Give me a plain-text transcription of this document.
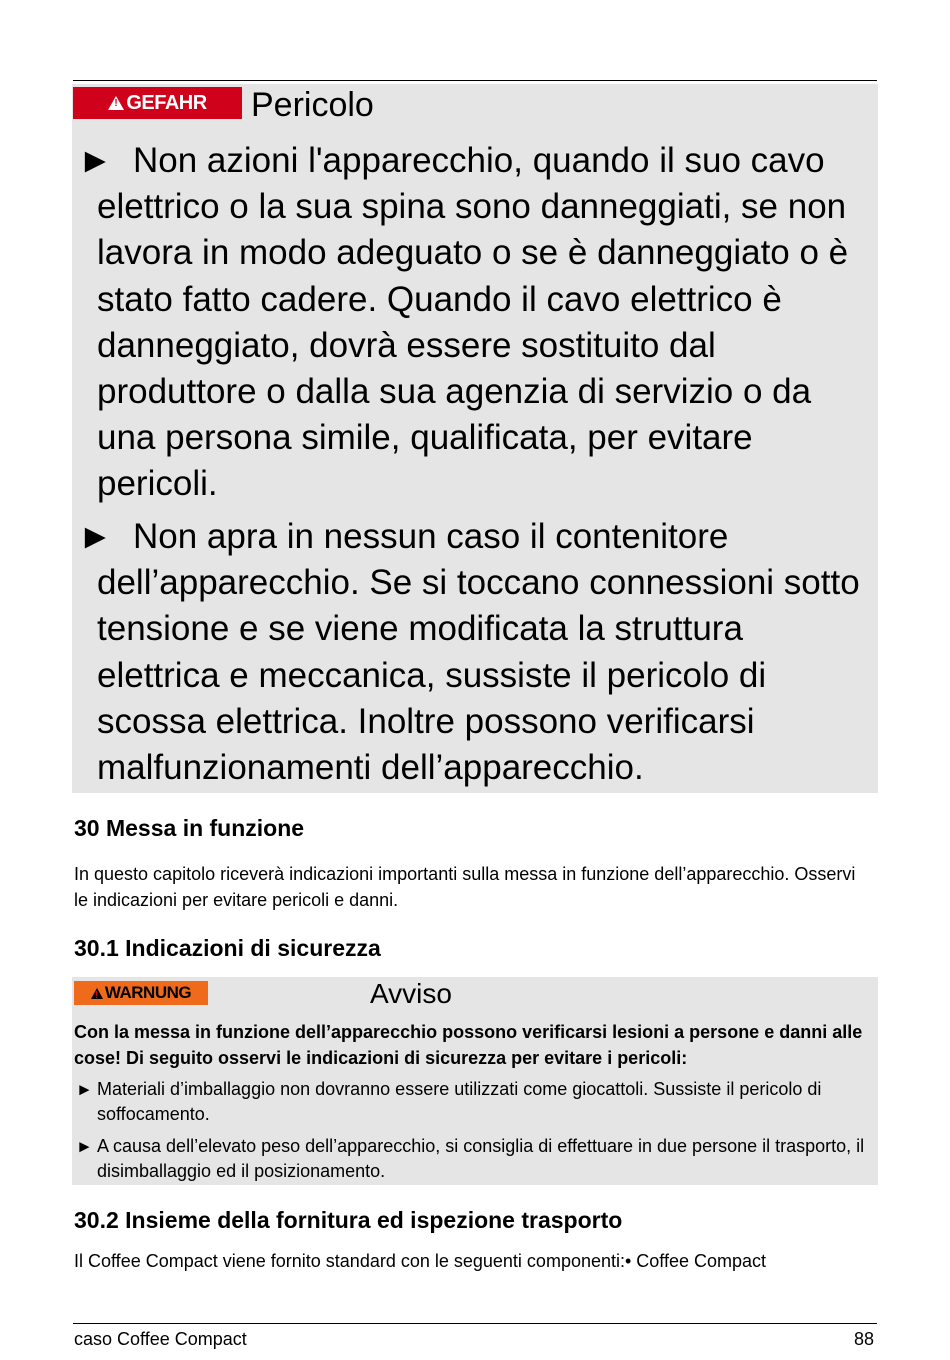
!
GEFAHR Pericolo
► Non azioni l'apparecchio, quando il suo cavo elettrico o la sua spina sono danneggiati, se non lavora in modo adeguato o se è danneggiato o è stato fatto cadere. Quando il cavo elettrico è danneggiato, dovrà essere sostituito dal produttore o dalla sua agenzia di servizio o da una persona simile, qualificata, per evitare pericoli.
► Non apra in nessun caso il contenitore dell’apparecchio. Se si toccano connessioni sotto tensione e se viene modificata la struttura elettrica e meccanica, sussiste il pericolo di scossa elettrica. Inoltre possono verificarsi malfunzionamenti dell’apparecchio.
30 Messa in funzione
In questo capitolo riceverà indicazioni importanti sulla messa in funzione dell’apparecchio. Osservi le indicazioni per evitare pericoli e danni.
30.1 Indicazioni di sicurezza
!
WARNUNG	Avviso
Con la messa in funzione dell’apparecchio possono verificarsi lesioni a persone e danni alle cose! Di seguito osservi le indicazioni di sicurezza per evitare i pericoli:
► Materiali d’imballaggio non dovranno essere utilizzati come giocattoli. Sussiste il pericolo di soffocamento.
► A causa dell’elevato peso dell’apparecchio, si consiglia di effettuare in due persone il trasporto, il disimballaggio ed il posizionamento.
30.2 Insieme della fornitura ed ispezione trasporto
Il Coffee Compact viene fornito standard con le seguenti componenti:• Coffee Compact
caso Coffee Compact	88
